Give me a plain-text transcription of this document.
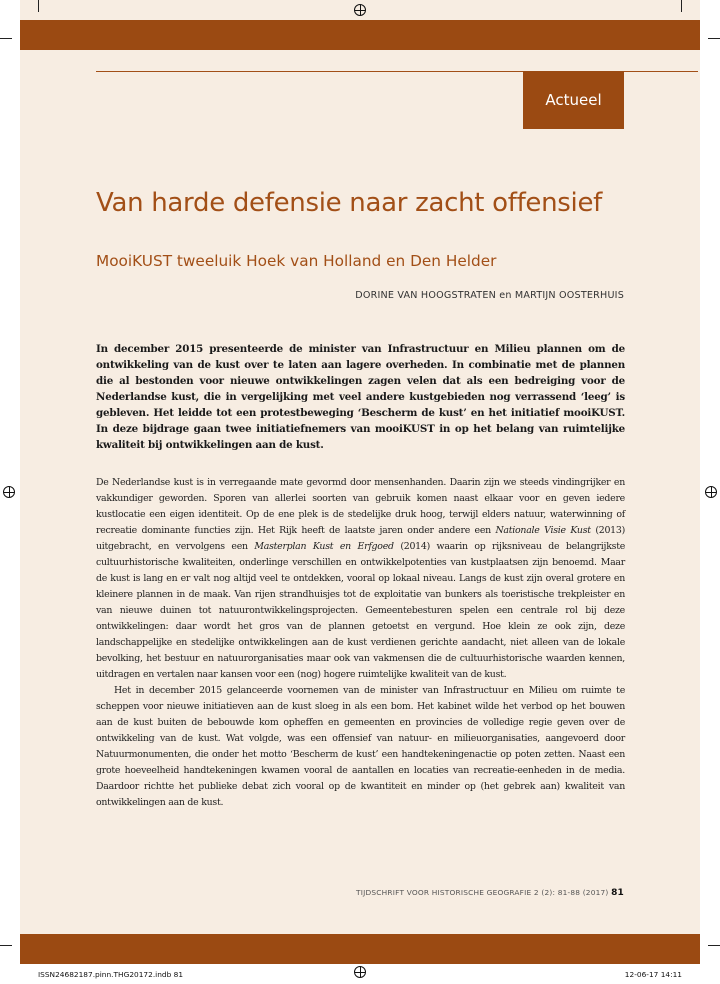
Actueel
Van harde defensie naar zacht offensief
MooiKUST tweeluik Hoek van Holland en Den Helder
DORINE VAN HOOGSTRATEN en MARTIJN OOSTERHUIS

In december 2015 presenteerde de minister van Infrastructuur en Milieu plannen om de ontwikkeling van de kust over te laten aan lagere overheden. In combinatie met de plannen die al bestonden voor nieuwe ontwikkelingen zagen velen dat als een bedreiging voor de Nederlandse kust, die in vergelijking met veel andere kustgebieden nog verrassend ‘leeg’ is gebleven. Het leidde tot een protestbeweging ‘Bescherm de kust’ en het initiatief mooiKUST. In deze bijdrage gaan twee initiatiefnemers van mooiKUST in op het belang van ruimtelijke kwaliteit bij ontwikkelingen aan de kust.

De Nederlandse kust is in verregaande mate gevormd door mensenhanden. Daarin zijn we steeds vindingrijker en vakkundiger geworden. Sporen van allerlei soorten van gebruik komen naast elkaar voor en geven iedere kustlocatie een eigen identiteit. Op de ene plek is de stedelijke druk hoog, terwijl elders natuur, waterwinning of recreatie dominante functies zijn. Het Rijk heeft de laatste jaren onder andere een Nationale Visie Kust (2013) uitgebracht, en vervolgens een Masterplan Kust en Erfgoed (2014) waarin op rijksniveau de belangrijkste cultuurhistorische kwaliteiten, onderlinge verschillen en ontwikkelpotenties van kustplaatsen zijn benoemd. Maar de kust is lang en er valt nog altijd veel te ontdekken, vooral op lokaal niveau. Langs de kust zijn overal grotere en kleinere plannen in de maak. Van rijen strandhuisjes tot de exploitatie van bunkers als toeristische trekpleister en van nieuwe duinen tot natuurontwikkelingsprojecten. Gemeentebesturen spelen een centrale rol bij deze ontwikkelingen: daar wordt het gros van de plannen getoetst en vergund. Hoe klein ze ook zijn, deze landschappelijke en stedelijke ontwikkelingen aan de kust verdienen gerichte aandacht, niet alleen van de lokale bevolking, het bestuur en natuurorganisaties maar ook van vakmensen die de cultuurhistorische waarden kennen, uitdragen en vertalen naar kansen voor een (nog) hogere ruimtelijke kwaliteit van de kust.

Het in december 2015 gelanceerde voornemen van de minister van Infrastructuur en Milieu om ruimte te scheppen voor nieuwe initiatieven aan de kust sloeg in als een bom. Het kabinet wilde het verbod op het bouwen aan de kust buiten de bebouwde kom opheffen en gemeenten en provincies de volledige regie geven over de ontwikkeling van de kust. Wat volgde, was een offensief van natuur- en milieuorganisaties, aangevoerd door Natuurmonumenten, die onder het motto ‘Bescherm de kust’ een handtekeningenactie op poten zetten. Naast een grote hoeveelheid handtekeningen kwamen vooral de aantallen en locaties van recreatie-eenheden in de media. Daardoor richtte het publieke debat zich vooral op de kwantiteit en minder op (het gebrek aan) kwaliteit van ontwikkelingen aan de kust.

TIJDSCHRIFT VOOR HISTORISCHE GEOGRAFIE 2 (2): 81-88 (2017) 81
ISSN24682187.pinn.THG20172.indb 81	12-06-17 14:11
